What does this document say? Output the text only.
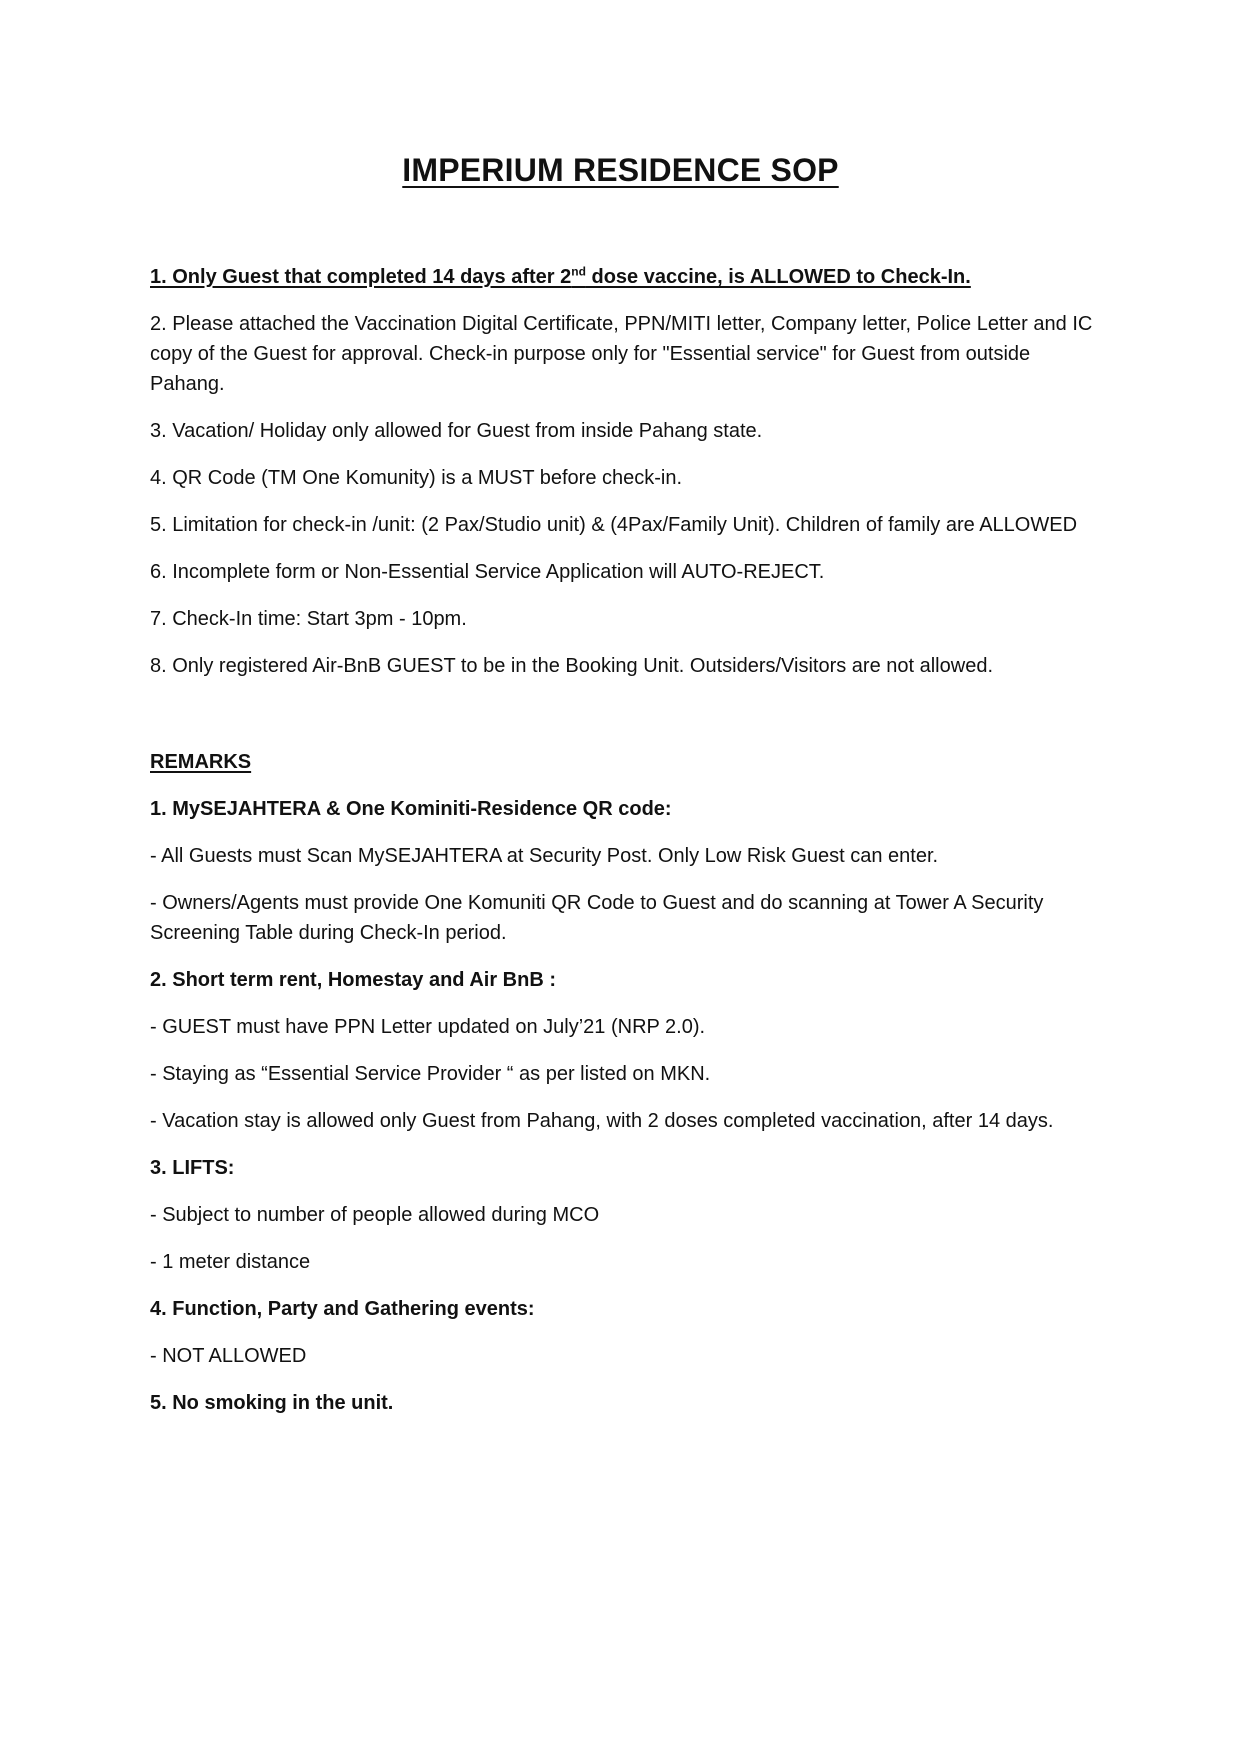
IMPERIUM RESIDENCE SOP

1. Only Guest that completed 14 days after 2nd dose vaccine, is ALLOWED to Check-In.

2. Please attached the Vaccination Digital Certificate, PPN/MITI letter, Company letter, Police Letter and IC copy of the Guest for approval. Check-in purpose only for "Essential service" for Guest from outside Pahang.

3. Vacation/ Holiday only allowed for Guest from inside Pahang state.

4. QR Code (TM One Komunity) is a MUST before check-in.

5. Limitation for check-in /unit: (2 Pax/Studio unit) & (4Pax/Family Unit). Children of family are ALLOWED

6. Incomplete form or Non-Essential Service Application will AUTO-REJECT.

7. Check-In time: Start 3pm - 10pm.

8. Only registered Air-BnB GUEST to be in the Booking Unit. Outsiders/Visitors are not allowed.

REMARKS

1. MySEJAHTERA & One Kominiti-Residence QR code:

- All Guests must Scan MySEJAHTERA at Security Post. Only Low Risk Guest can enter.

- Owners/Agents must provide One Komuniti QR Code to Guest and do scanning at Tower A Security Screening Table during Check-In period.

2. Short term rent, Homestay and Air BnB :

- GUEST must have PPN Letter updated on July’21 (NRP 2.0).

- Staying as “Essential Service Provider “ as per listed on MKN.

- Vacation stay is allowed only Guest from Pahang, with 2 doses completed vaccination, after 14 days.

3. LIFTS:

- Subject to number of people allowed during MCO

- 1 meter distance

4. Function, Party and Gathering events:

- NOT ALLOWED

5. No smoking in the unit.
